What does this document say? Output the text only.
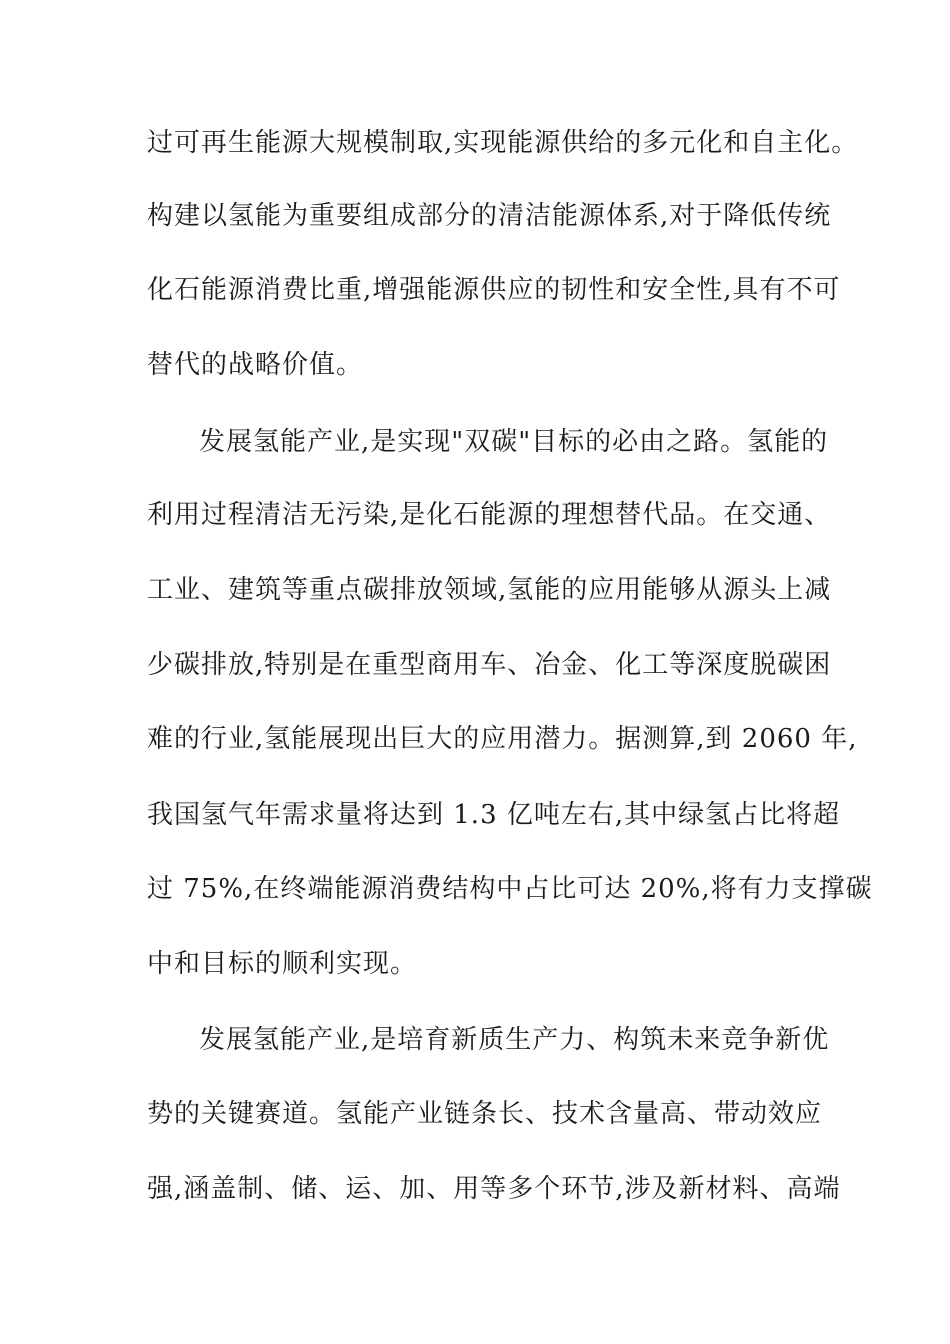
过可再生能源大规模制取,实现能源供给的多元化和自主化。
构建以氢能为重要组成部分的清洁能源体系,对于降低传统
化石能源消费比重,增强能源供应的韧性和安全性,具有不可
替代的战略价值。
发展氢能产业,是实现"双碳"目标的必由之路。氢能的
利用过程清洁无污染,是化石能源的理想替代品。在交通、
工业、建筑等重点碳排放领域,氢能的应用能够从源头上减
少碳排放,特别是在重型商用车、冶金、化工等深度脱碳困
难的行业,氢能展现出巨大的应用潜力。据测算,到 2060 年,
我国氢气年需求量将达到 1.3 亿吨左右,其中绿氢占比将超
过 75%,在终端能源消费结构中占比可达 20%,将有力支撑碳
中和目标的顺利实现。
发展氢能产业,是培育新质生产力、构筑未来竞争新优
势的关键赛道。氢能产业链条长、技术含量高、带动效应
强,涵盖制、储、运、加、用等多个环节,涉及新材料、高端
